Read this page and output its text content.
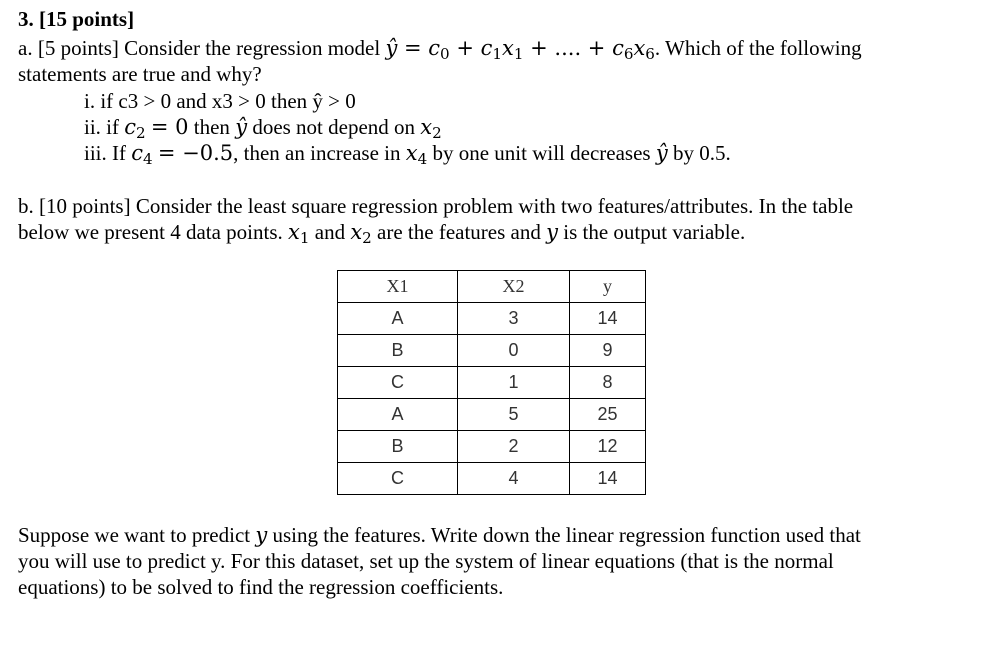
3. [15 points]
a. [5 points] Consider the regression model ŷ = $c_0 + c_1x_1$ + .... + $c_6x_6$. Which of the following
statements are true and why?
i. if c3 > 0 and x3 > 0 then ŷ > 0
ii. if $c_2 = 0$ then ŷ does not depend on $x_2$
iii. If $c_4 = -0.5$, then an increase in $x_4$ by one unit will decreases ŷ by 0.5.
b. [10 points] Consider the least square regression problem with two features/attributes. In the table
below we present 4 data points. $x_1$ and $x_2$ are the features and y is the output variable.
X1	X2	y
A	3	14
B	0	9
C	1	8
A	5	25
B	2	12
C	4	14
Suppose we want to predict y using the features. Write down the linear regression function used that
you will use to predict y. For this dataset, set up the system of linear equations (that is the normal
equations) to be solved to find the regression coefficients.
